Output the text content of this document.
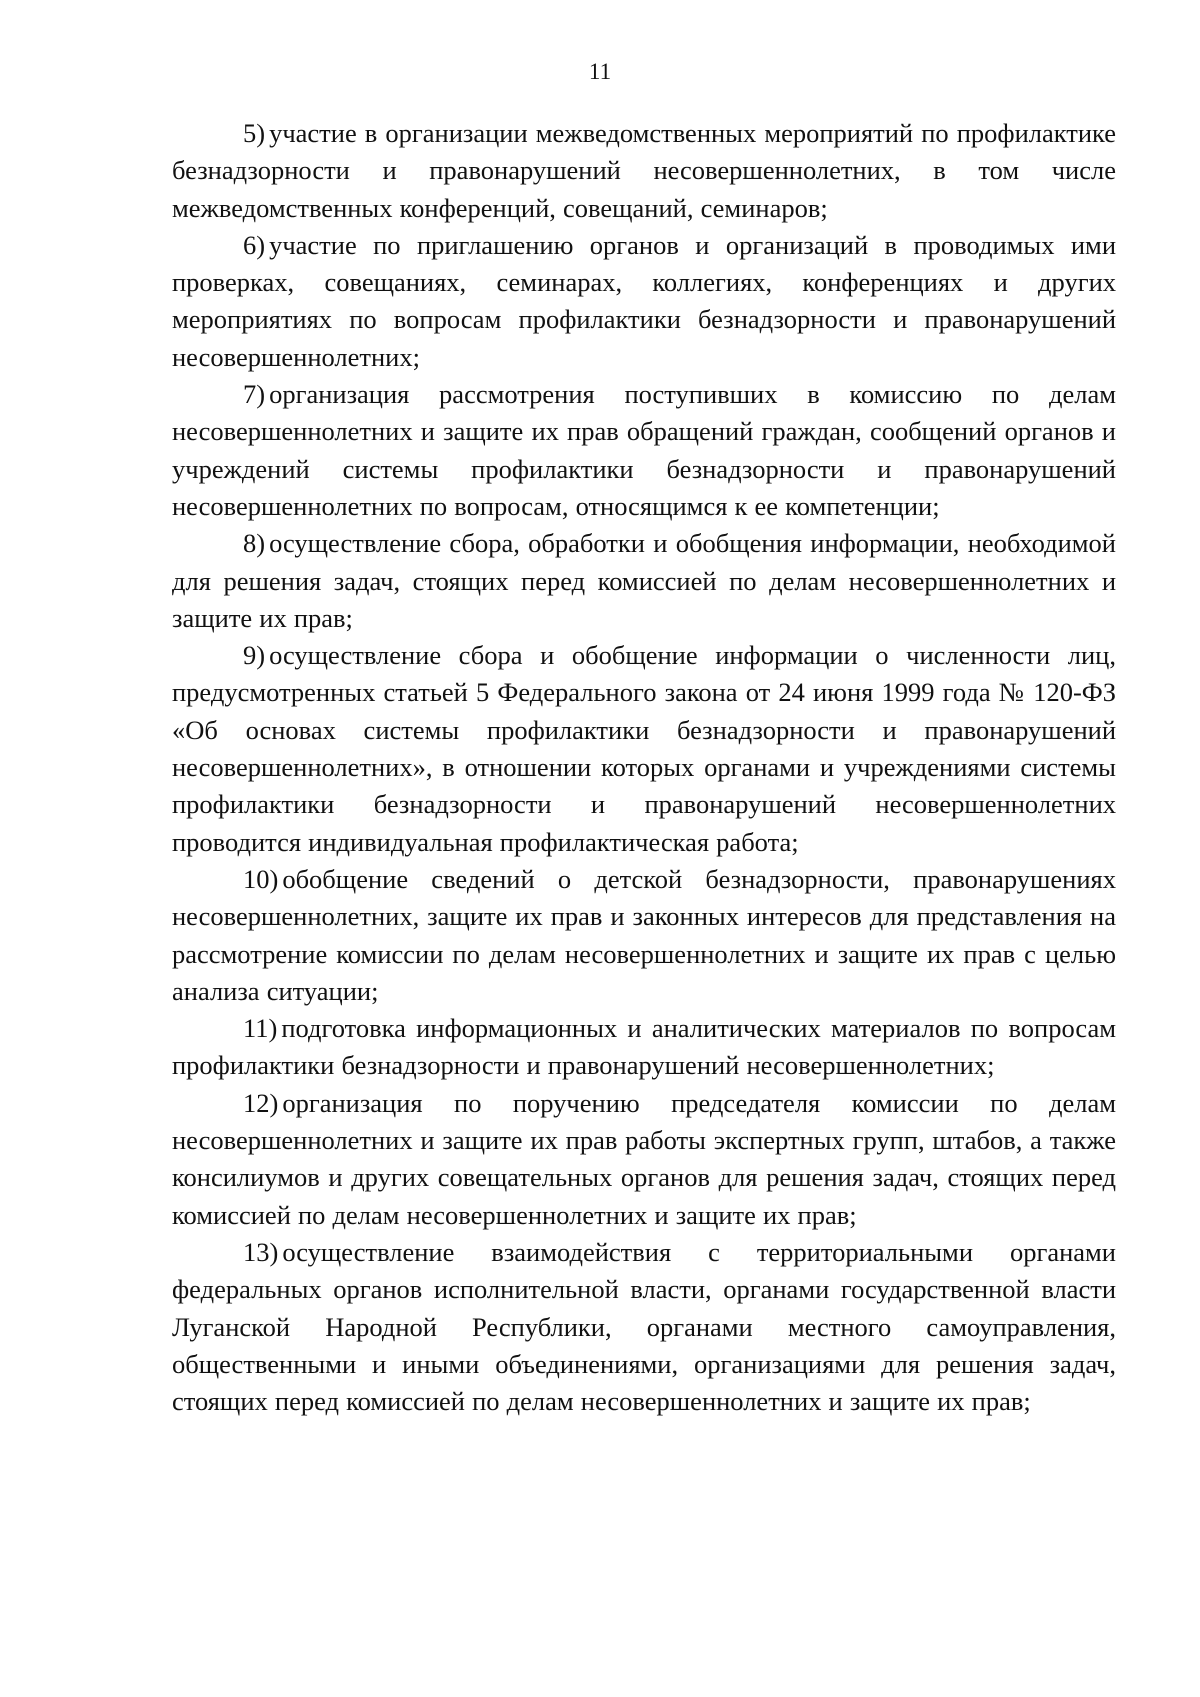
11

5) участие в организации межведомственных мероприятий по профилактике безнадзорности и правонарушений несовершеннолетних, в том числе межведомственных конференций, совещаний, семинаров;

6) участие по приглашению органов и организаций в проводимых ими проверках, совещаниях, семинарах, коллегиях, конференциях и других мероприятиях по вопросам профилактики безнадзорности и правонарушений несовершеннолетних;

7) организация рассмотрения поступивших в комиссию по делам несовершеннолетних и защите их прав обращений граждан, сообщений органов и учреждений системы профилактики безнадзорности и правонарушений несовершеннолетних по вопросам, относящимся к ее компетенции;

8) осуществление сбора, обработки и обобщения информации, необходимой для решения задач, стоящих перед комиссией по делам несовершеннолетних и защите их прав;

9) осуществление сбора и обобщение информации о численности лиц, предусмотренных статьей 5 Федерального закона от 24 июня 1999 года № 120-ФЗ «Об основах системы профилактики безнадзорности и правонарушений несовершеннолетних», в отношении которых органами и учреждениями системы профилактики безнадзорности и правонарушений несовершеннолетних проводится индивидуальная профилактическая работа;

10) обобщение сведений о детской безнадзорности, правонарушениях несовершеннолетних, защите их прав и законных интересов для представления на рассмотрение комиссии по делам несовершеннолетних и защите их прав с целью анализа ситуации;

11) подготовка информационных и аналитических материалов по вопросам профилактики безнадзорности и правонарушений несовершеннолетних;

12) организация по поручению председателя комиссии по делам несовершеннолетних и защите их прав работы экспертных групп, штабов, а также консилиумов и других совещательных органов для решения задач, стоящих перед комиссией по делам несовершеннолетних и защите их прав;

13) осуществление взаимодействия с территориальными органами федеральных органов исполнительной власти, органами государственной власти Луганской Народной Республики, органами местного самоуправления, общественными и иными объединениями, организациями для решения задач, стоящих перед комиссией по делам несовершеннолетних и защите их прав;
